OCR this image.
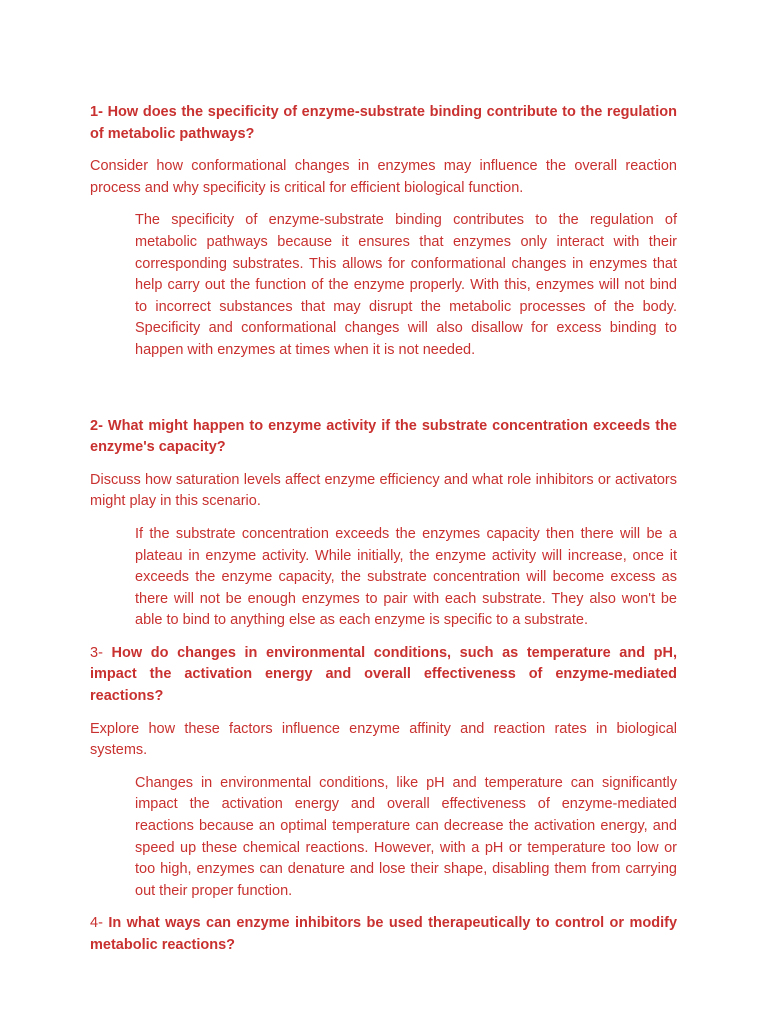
1- How does the specificity of enzyme-substrate binding contribute to the regulation of metabolic pathways?

Consider how conformational changes in enzymes may influence the overall reaction process and why specificity is critical for efficient biological function.

The specificity of enzyme-substrate binding contributes to the regulation of metabolic pathways because it ensures that enzymes only interact with their corresponding substrates. This allows for conformational changes in enzymes that help carry out the function of the enzyme properly. With this, enzymes will not bind to incorrect substances that may disrupt the metabolic processes of the body. Specificity and conformational changes will also disallow for excess binding to happen with enzymes at times when it is not needed.

2- What might happen to enzyme activity if the substrate concentration exceeds the enzyme's capacity?

Discuss how saturation levels affect enzyme efficiency and what role inhibitors or activators might play in this scenario.

If the substrate concentration exceeds the enzymes capacity then there will be a plateau in enzyme activity. While initially, the enzyme activity will increase, once it exceeds the enzyme capacity, the substrate concentration will become excess as there will not be enough enzymes to pair with each substrate. They also won't be able to bind to anything else as each enzyme is specific to a substrate.

3- How do changes in environmental conditions, such as temperature and pH, impact the activation energy and overall effectiveness of enzyme-mediated reactions?

Explore how these factors influence enzyme affinity and reaction rates in biological systems.

Changes in environmental conditions, like pH and temperature can significantly impact the activation energy and overall effectiveness of enzyme-mediated reactions because an optimal temperature can decrease the activation energy, and speed up these chemical reactions. However, with a pH or temperature too low or too high, enzymes can denature and lose their shape, disabling them from carrying out their proper function.

4- In what ways can enzyme inhibitors be used therapeutically to control or modify metabolic reactions?
